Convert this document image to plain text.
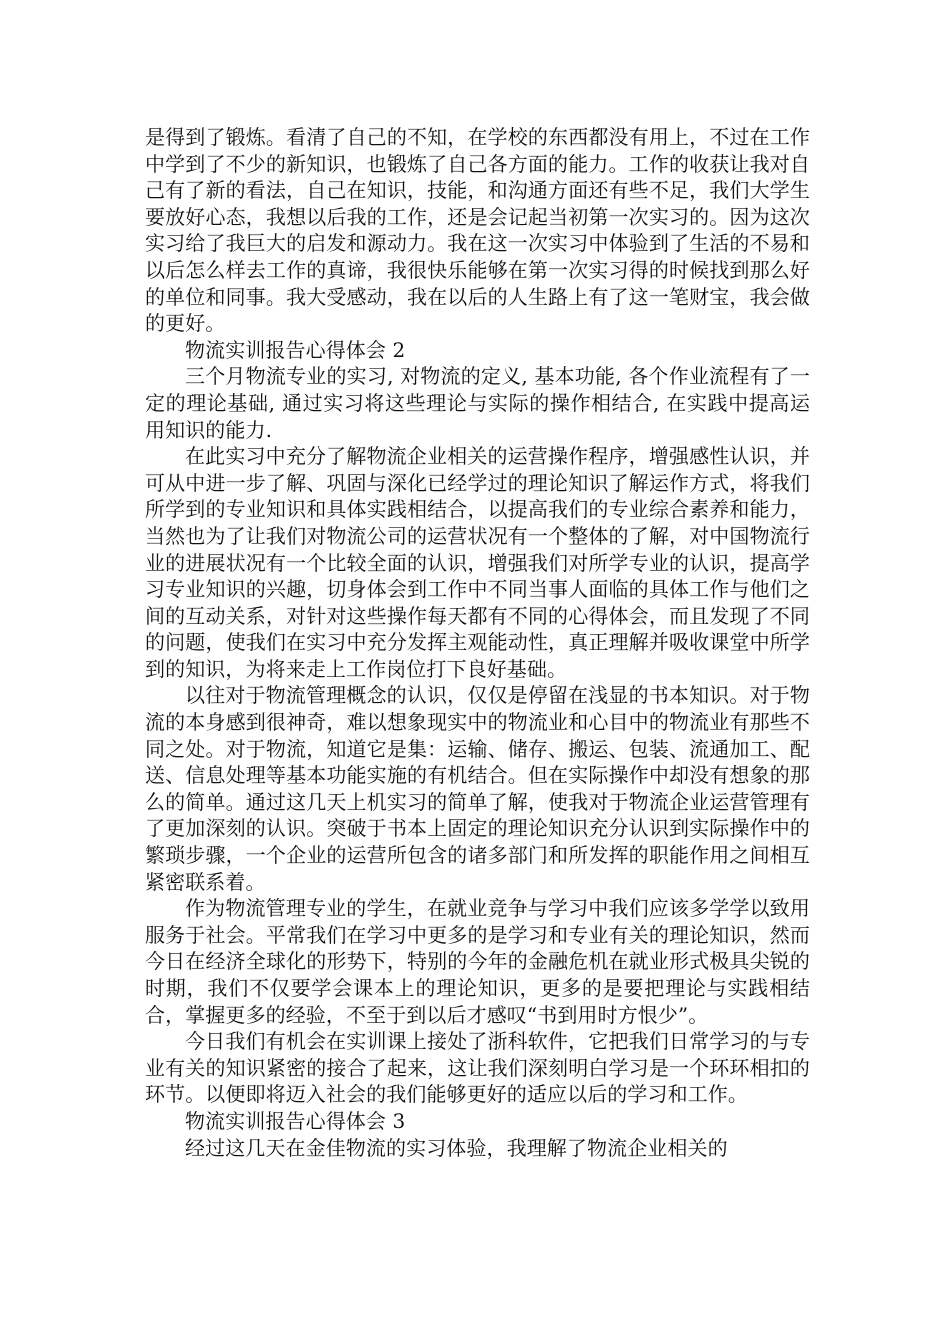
是得到了锻炼。看清了自己的不知，在学校的东西都没有用上，不过在工作中学到了不少的新知识，也锻炼了自己各方面的能力。工作的收获让我对自己有了新的看法，自己在知识，技能，和沟通方面还有些不足，我们大学生要放好心态，我想以后我的工作，还是会记起当初第一次实习的。因为这次实习给了我巨大的启发和源动力。我在这一次实习中体验到了生活的不易和以后怎么样去工作的真谛，我很快乐能够在第一次实习得的时候找到那么好的单位和同事。我大受感动，我在以后的人生路上有了这一笔财宝，我会做的更好。

物流实训报告心得体会 2

三个月物流专业的实习, 对物流的定义, 基本功能, 各个作业流程有了一定的理论基础, 通过实习将这些理论与实际的操作相结合, 在实践中提高运用知识的能力.

在此实习中充分了解物流企业相关的运营操作程序，增强感性认识，并可从中进一步了解、巩固与深化已经学过的理论知识了解运作方式，将我们所学到的专业知识和具体实践相结合，以提高我们的专业综合素养和能力，当然也为了让我们对物流公司的运营状况有一个整体的了解，对中国物流行业的进展状况有一个比较全面的认识，增强我们对所学专业的认识，提高学习专业知识的兴趣，切身体会到工作中不同当事人面临的具体工作与他们之间的互动关系，对针对这些操作每天都有不同的心得体会，而且发现了不同的问题，使我们在实习中充分发挥主观能动性，真正理解并吸收课堂中所学到的知识，为将来走上工作岗位打下良好基础。

以往对于物流管理概念的认识，仅仅是停留在浅显的书本知识。对于物流的本身感到很神奇，难以想象现实中的物流业和心目中的物流业有那些不同之处。对于物流，知道它是集：运输、储存、搬运、包装、流通加工、配送、信息处理等基本功能实施的有机结合。但在实际操作中却没有想象的那么的简单。通过这几天上机实习的简单了解，使我对于物流企业运营管理有了更加深刻的认识。突破于书本上固定的理论知识充分认识到实际操作中的繁琐步骤，一个企业的运营所包含的诸多部门和所发挥的职能作用之间相互紧密联系着。

作为物流管理专业的学生，在就业竞争与学习中我们应该多学学以致用服务于社会。平常我们在学习中更多的是学习和专业有关的理论知识，然而今日在经济全球化的形势下，特别的今年的金融危机在就业形式极具尖锐的时期，我们不仅要学会课本上的理论知识，更多的是要把理论与实践相结合，掌握更多的经验，不至于到以后才感叹“书到用时方恨少”。

今日我们有机会在实训课上接处了浙科软件，它把我们日常学习的与专业有关的知识紧密的接合了起来，这让我们深刻明白学习是一个环环相扣的环节。以便即将迈入社会的我们能够更好的适应以后的学习和工作。

物流实训报告心得体会 3

经过这几天在金佳物流的实习体验，我理解了物流企业相关的
